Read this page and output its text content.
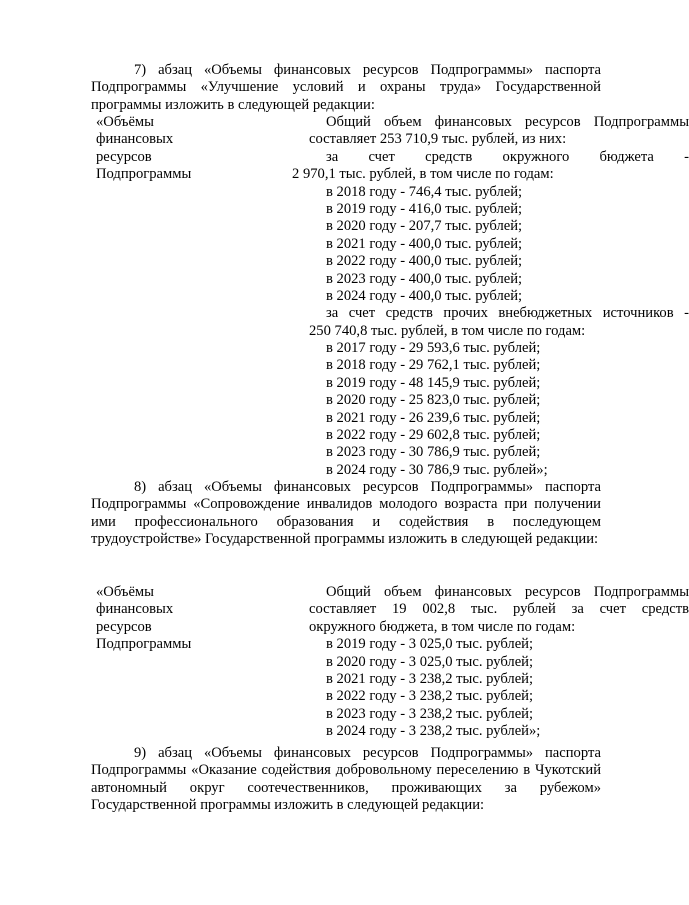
7) абзац «Объемы финансовых ресурсов Подпрограммы» паспорта Подпрограммы «Улучшение условий и охраны труда» Государственной программы изложить в следующей редакции:
«Объёмы	Общий объем финансовых ресурсов Подпрограммы
финансовых	составляет 253 710,9 тыс. рублей, из них:
ресурсов	за счет средств окружного бюджета -
Подпрограммы	2 970,1 тыс. рублей, в том числе по годам:
в 2018 году - 746,4 тыс. рублей;
в 2019 году - 416,0 тыс. рублей;
в 2020 году - 207,7 тыс. рублей;
в 2021 году - 400,0 тыс. рублей;
в 2022 году - 400,0 тыс. рублей;
в 2023 году - 400,0 тыс. рублей;
в 2024 году - 400,0 тыс. рублей;
за счет средств прочих внебюджетных источников -
250 740,8 тыс. рублей, в том числе по годам:
в 2017 году - 29 593,6 тыс. рублей;
в 2018 году - 29 762,1 тыс. рублей;
в 2019 году - 48 145,9 тыс. рублей;
в 2020 году - 25 823,0 тыс. рублей;
в 2021 году - 26 239,6 тыс. рублей;
в 2022 году - 29 602,8 тыс. рублей;
в 2023 году - 30 786,9 тыс. рублей;
в 2024 году - 30 786,9 тыс. рублей»;
8) абзац «Объемы финансовых ресурсов Подпрограммы» паспорта Подпрограммы «Сопровождение инвалидов молодого возраста при получении ими профессионального образования и содействия в последующем трудоустройстве» Государственной программы изложить в следующей редакции:
«Объёмы	Общий объем финансовых ресурсов Подпрограммы
финансовых	составляет 19 002,8 тыс. рублей за счет средств
ресурсов	окружного бюджета, в том числе по годам:
Подпрограммы	в 2019 году - 3 025,0 тыс. рублей;
в 2020 году - 3 025,0 тыс. рублей;
в 2021 году - 3 238,2 тыс. рублей;
в 2022 году - 3 238,2 тыс. рублей;
в 2023 году - 3 238,2 тыс. рублей;
в 2024 году - 3 238,2 тыс. рублей»;
9) абзац «Объемы финансовых ресурсов Подпрограммы» паспорта Подпрограммы «Оказание содействия добровольному переселению в Чукотский автономный округ соотечественников, проживающих за рубежом» Государственной программы изложить в следующей редакции:
